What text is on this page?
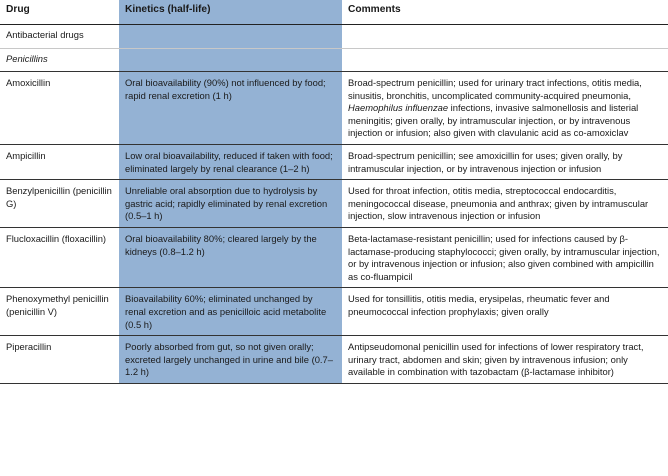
Drug	Kinetics (half-life)	Comments
Antibacterial drugs		
Penicillins		
Amoxicillin	Oral bioavailability (90%) not influenced by food; rapid renal excretion (1 h)	Broad-spectrum penicillin; used for urinary tract infections, otitis media, sinusitis, bronchitis, uncomplicated community-acquired pneumonia, Haemophilus influenzae infections, invasive salmonellosis and listerial meningitis; given orally, by intramuscular injection, or by intravenous injection or infusion; also given with clavulanic acid as co-amoxiclav
Ampicillin	Low oral bioavailability, reduced if taken with food; eliminated largely by renal clearance (1–2 h)	Broad-spectrum penicillin; see amoxicillin for uses; given orally, by intramuscular injection, or by intravenous injection or infusion
Benzylpenicillin (penicillin G)	Unreliable oral absorption due to hydrolysis by gastric acid; rapidly eliminated by renal excretion (0.5–1 h)	Used for throat infection, otitis media, streptococcal endocarditis, meningococcal disease, pneumonia and anthrax; given by intramuscular injection, slow intravenous injection or infusion
Flucloxacillin (floxacillin)	Oral bioavailability 80%; cleared largely by the kidneys (0.8–1.2 h)	Beta-lactamase-resistant penicillin; used for infections caused by β-lactamase-producing staphylococci; given orally, by intramuscular injection, or by intravenous injection or infusion; also given combined with ampicillin as co-fluampicil
Phenoxymethyl penicillin (penicillin V)	Bioavailability 60%; eliminated unchanged by renal excretion and as penicilloic acid metabolite (0.5 h)	Used for tonsillitis, otitis media, erysipelas, rheumatic fever and pneumococcal infection prophylaxis; given orally
Piperacillin	Poorly absorbed from gut, so not given orally; excreted largely unchanged in urine and bile (0.7–1.2 h)	Antipseudomonal penicillin used for infections of lower respiratory tract, urinary tract, abdomen and skin; given by intravenous infusion; only available in combination with tazobactam (β-lactamase inhibitor)
